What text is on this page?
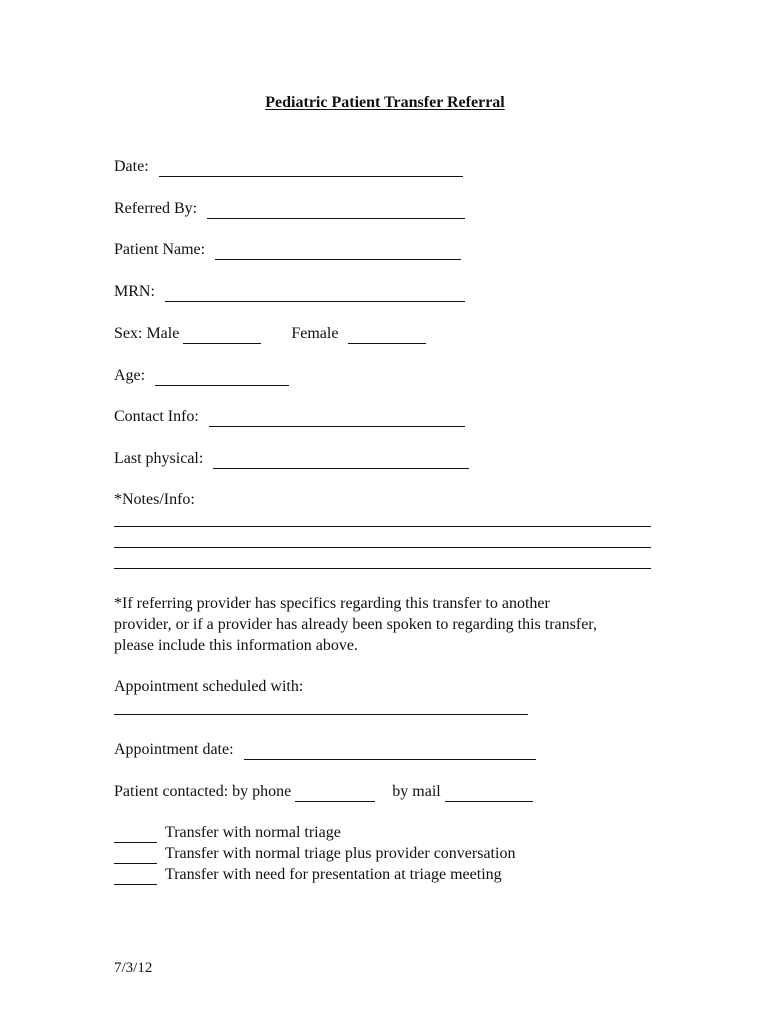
Pediatric Patient Transfer Referral
Date:
Referred By:
Patient Name:
MRN:
Sex: Male	Female
Age:
Contact Info:
Last physical:
*Notes/Info:

*If referring provider has specifics regarding this transfer to another
provider, or if a provider has already been spoken to regarding this transfer,
please include this information above.

Appointment scheduled with:
Appointment date:
Patient contacted: by phone	by mail
Transfer with normal triage
Transfer with normal triage plus provider conversation
Transfer with need for presentation at triage meeting
7/3/12
